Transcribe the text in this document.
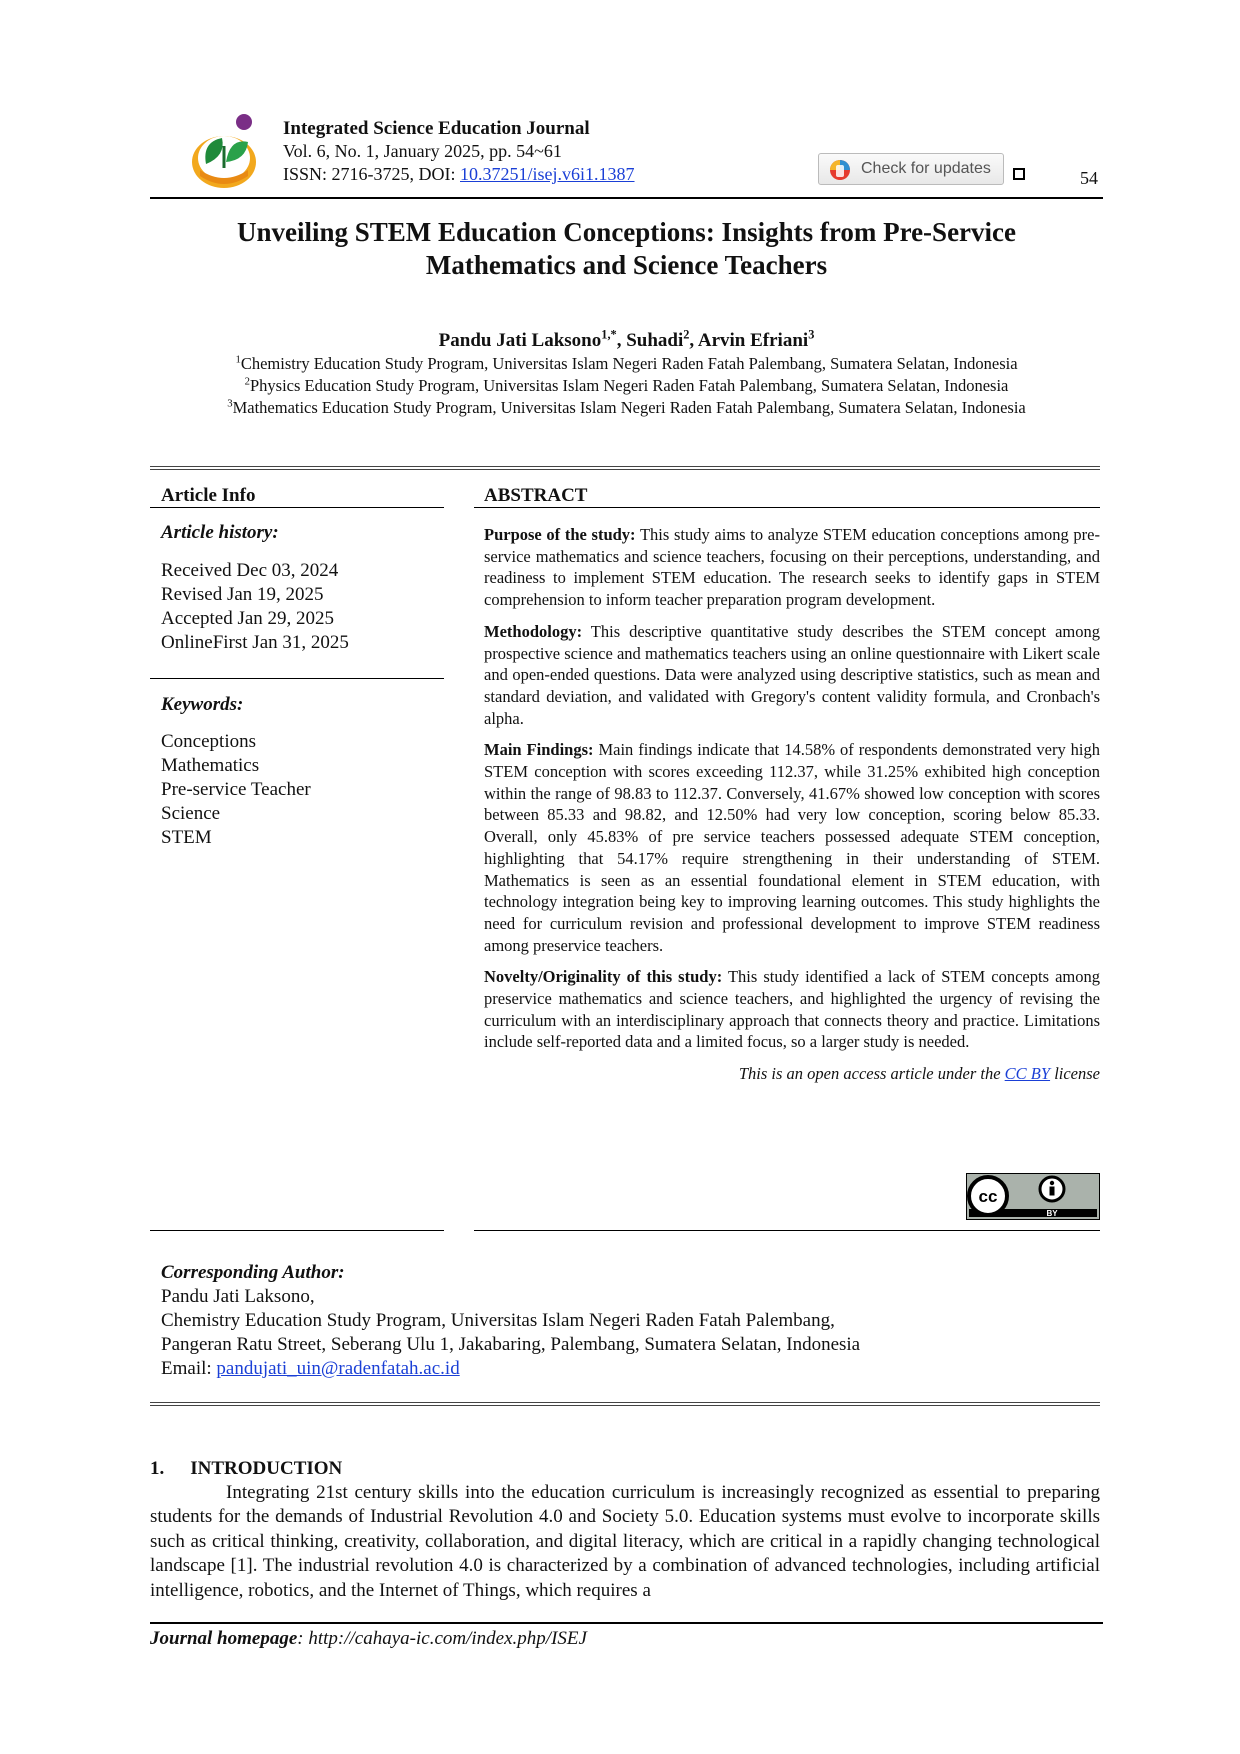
Integrated Science Education Journal
Vol. 6, No. 1, January 2025, pp. 54~61
ISSN: 2716-3725, DOI: 10.37251/isej.v6i1.1387	Check for updates	54
Unveiling STEM Education Conceptions: Insights from Pre-Service
Mathematics and Science Teachers
Pandu Jati Laksono$^{1,*}$, Suhadi$^2$, Arvin Efriani$^3$
$^1$Chemistry Education Study Program, Universitas Islam Negeri Raden Fatah Palembang, Sumatera Selatan, Indonesia
$^2$Physics Education Study Program, Universitas Islam Negeri Raden Fatah Palembang, Sumatera Selatan, Indonesia
$^3$Mathematics Education Study Program, Universitas Islam Negeri Raden Fatah Palembang, Sumatera Selatan, Indonesia
Article Info
Article history:
Received Dec 03, 2024
Revised Jan 19, 2025
Accepted Jan 29, 2025
OnlineFirst Jan 31, 2025
Keywords:
Conceptions
Mathematics
Pre-service Teacher
Science
STEM
ABSTRACT

Purpose of the study: This study aims to analyze STEM education conceptions among pre-service mathematics and science teachers, focusing on their perceptions, understanding, and readiness to implement STEM education. The research seeks to identify gaps in STEM comprehension to inform teacher preparation program development.

Methodology: This descriptive quantitative study describes the STEM concept among prospective science and mathematics teachers using an online questionnaire with Likert scale and open-ended questions. Data were analyzed using descriptive statistics, such as mean and standard deviation, and validated with Gregory's content validity formula, and Cronbach's alpha.

Main Findings: Main findings indicate that 14.58% of respondents demonstrated very high STEM conception with scores exceeding 112.37, while 31.25% exhibited high conception within the range of 98.83 to 112.37. Conversely, 41.67% showed low conception with scores between 85.33 and 98.82, and 12.50% had very low conception, scoring below 85.33. Overall, only 45.83% of pre service teachers possessed adequate STEM conception, highlighting that 54.17% require strengthening in their understanding of STEM. Mathematics is seen as an essential foundational element in STEM education, with technology integration being key to improving learning outcomes. This study highlights the need for curriculum revision and professional development to improve STEM readiness among preservice teachers.

Novelty/Originality of this study: This study identified a lack of STEM concepts among preservice mathematics and science teachers, and highlighted the urgency of revising the curriculum with an interdisciplinary approach that connects theory and practice. Limitations include self-reported data and a limited focus, so a larger study is needed.

This is an open access article under the CC BY license

cc
BY
Corresponding Author:
Pandu Jati Laksono,
Chemistry Education Study Program, Universitas Islam Negeri Raden Fatah Palembang,
Pangeran Ratu Street, Seberang Ulu 1, Jakabaring, Palembang, Sumatera Selatan, Indonesia
Email: pandujati_uin@radenfatah.ac.id
1. INTRODUCTION

Integrating 21st century skills into the education curriculum is increasingly recognized as essential to preparing students for the demands of Industrial Revolution 4.0 and Society 5.0. Education systems must evolve to incorporate skills such as critical thinking, creativity, collaboration, and digital literacy, which are critical in a rapidly changing technological landscape [1]. The industrial revolution 4.0 is characterized by a combination of advanced technologies, including artificial intelligence, robotics, and the Internet of Things, which requires a

Journal homepage: http://cahaya-ic.com/index.php/ISEJ
